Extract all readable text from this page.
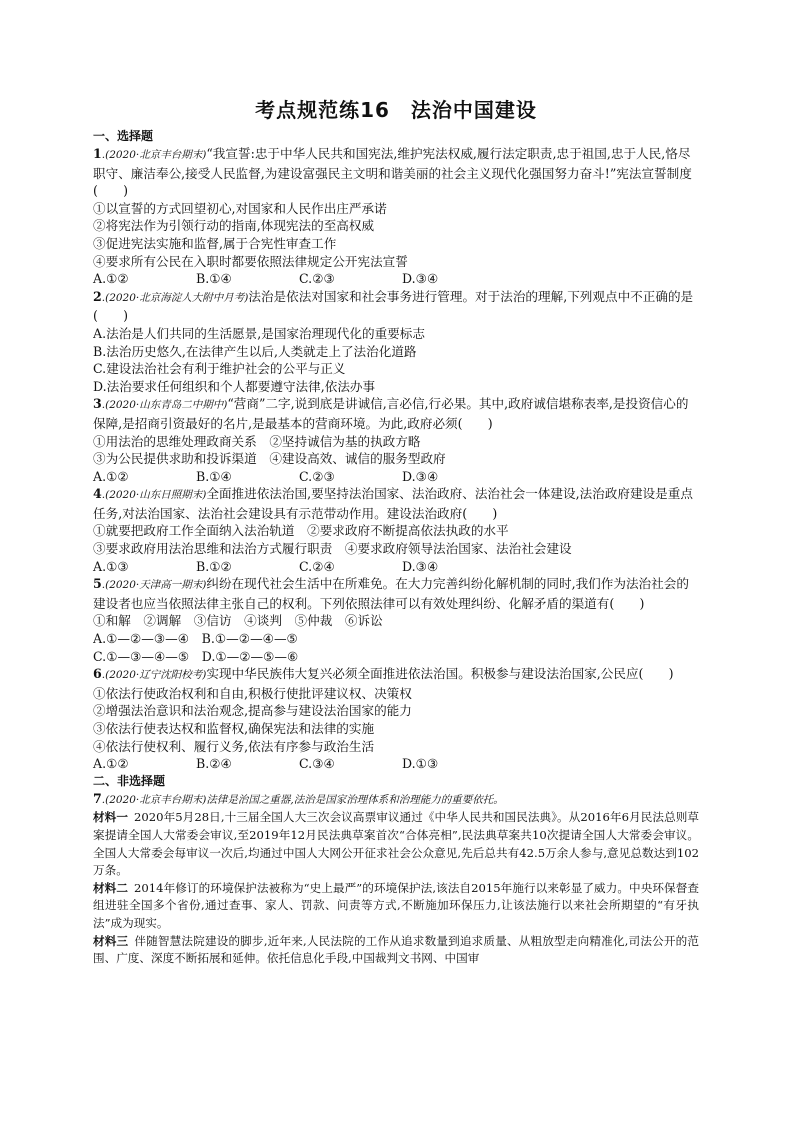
考点规范练16　法治中国建设
一、选择题
1.(2020·北京丰台期末)“我宣誓:忠于中华人民共和国宪法,维护宪法权威,履行法定职责,忠于祖国,忠于人民,恪尽职守、廉洁奉公,接受人民监督,为建设富强民主文明和谐美丽的社会主义现代化强国努力奋斗!”宪法宣誓制度(　　)
①以宣誓的方式回望初心,对国家和人民作出庄严承诺
②将宪法作为引领行动的指南,体现宪法的至高权威
③促进宪法实施和监督,属于合宪性审查工作
④要求所有公民在入职时都要依照法律规定公开宪法宣誓
A.①②	B.①④	C.②③	D.③④
2.(2020·北京海淀人大附中月考)法治是依法对国家和社会事务进行管理。对于法治的理解,下列观点中不正确的是(　　)
A.法治是人们共同的生活愿景,是国家治理现代化的重要标志
B.法治历史悠久,在法律产生以后,人类就走上了法治化道路
C.建设法治社会有利于维护社会的公平与正义
D.法治要求任何组织和个人都要遵守法律,依法办事
3.(2020·山东青岛二中期中)“营商”二字,说到底是讲诚信,言必信,行必果。其中,政府诚信堪称表率,是投资信心的保障,是招商引资最好的名片,是最基本的营商环境。为此,政府必须(　　)
①用法治的思维处理政商关系　②坚持诚信为基的执政方略
③为公民提供求助和投诉渠道　④建设高效、诚信的服务型政府
A.①②	B.①④	C.②③	D.③④
4.(2020·山东日照期末)全面推进依法治国,要坚持法治国家、法治政府、法治社会一体建设,法治政府建设是重点任务,对法治国家、法治社会建设具有示范带动作用。建设法治政府(　　)
①就要把政府工作全面纳入法治轨道　②要求政府不断提高依法执政的水平
③要求政府用法治思维和法治方式履行职责　④要求政府领导法治国家、法治社会建设
A.①③	B.①②	C.②④	D.③④
5.(2020·天津高一期末)纠纷在现代社会生活中在所难免。在大力完善纠纷化解机制的同时,我们作为法治社会的建设者也应当依照法律主张自己的权利。下列依照法律可以有效处理纠纷、化解矛盾的渠道有(　　)
①和解　②调解　③信访　④谈判　⑤仲裁　⑥诉讼
A.①—②—③—④　B.①—②—④—⑤
C.①—③—④—⑤　D.①—②—⑤—⑥
6.(2020·辽宁沈阳校考)实现中华民族伟大复兴必须全面推进依法治国。积极参与建设法治国家,公民应(　　)
①依法行使政治权利和自由,积极行使批评建议权、决策权
②增强法治意识和法治观念,提高参与建设法治国家的能力
③依法行使表达权和监督权,确保宪法和法律的实施
④依法行使权利、履行义务,依法有序参与政治生活
A.①②	B.②④	C.③④	D.①③
二、非选择题
7.(2020·北京丰台期末)法律是治国之重器,法治是国家治理体系和治理能力的重要依托。
材料一 2020年5月28日,十三届全国人大三次会议高票审议通过《中华人民共和国民法典》。从2016年6月民法总则草案提请全国人大常委会审议,至2019年12月民法典草案首次“合体亮相”,民法典草案共10次提请全国人大常委会审议。全国人大常委会每审议一次后,均通过中国人大网公开征求社会公众意见,先后总共有42.5万余人参与,意见总数达到102万条。
材料二 2014年修订的环境保护法被称为“史上最严”的环境保护法,该法自2015年施行以来彰显了威力。中央环保督查组进驻全国多个省份,通过查事、家人、罚款、问责等方式,不断施加环保压力,让该法施行以来社会所期望的“有牙执法”成为现实。
材料三 伴随智慧法院建设的脚步,近年来,人民法院的工作从追求数量到追求质量、从粗放型走向精准化,司法公开的范围、广度、深度不断拓展和延伸。依托信息化手段,中国裁判文书网、中国审
